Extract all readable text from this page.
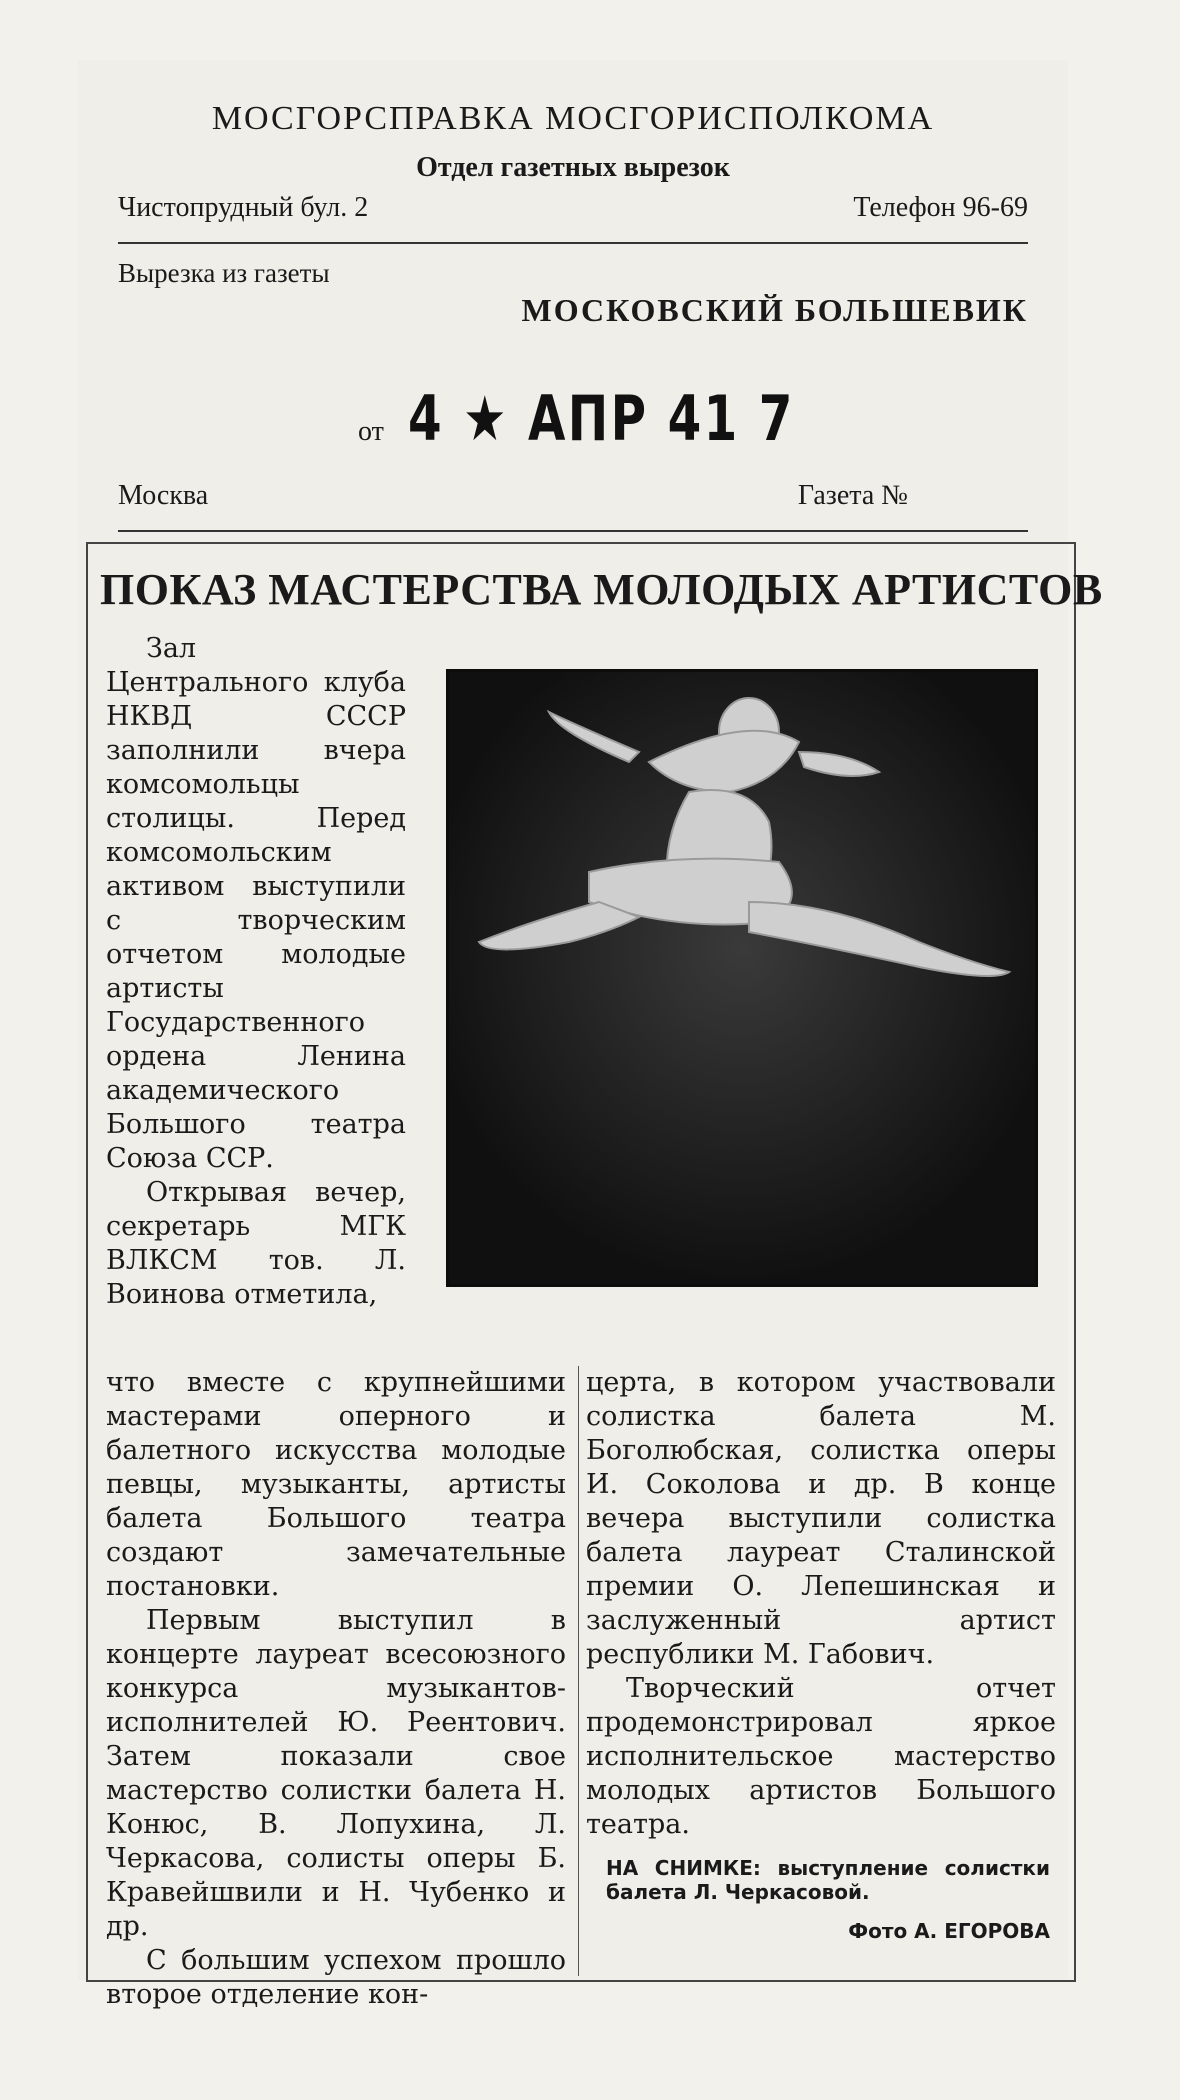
МОСГОРСПРАВКА МОСГОРИСПОЛКОМА
Отдел газетных вырезок
Чистопрудный бул. 2	Телефон 96-69
Вырезка из газеты
МОСКОВСКИЙ БОЛЬШЕВИК
от 4 ★ АПР 41 7
Москва	Газета №
ПОКАЗ МАСТЕРСТВА МОЛОДЫХ АРТИСТОВ

Зал Центрального клуба НКВД СССР заполнили вчера комсомольцы столицы. Перед комсомольским активом выступили с творческим отчетом молодые артисты Государственного ордена Ленина академического Большого театра Союза ССР.

Открывая вечер, секретарь МГК ВЛКСМ тов. Л. Воинова отметила,

что вместе с крупнейшими мастерами оперного и балетного искусства молодые певцы, музыканты, артисты балета Большого театра создают замечательные постановки.

Первым выступил в концерте лауреат всесоюзного конкурса музыкантов-исполнителей Ю. Реентович. Затем показали свое мастерство солистки балета Н. Конюс, В. Лопухина, Л. Черкасова, солисты оперы Б. Кравейшвили и Н. Чубенко и др.

С большим успехом прошло второе отделение кон-

церта, в котором участвовали солистка балета М. Боголюбская, солистка оперы И. Соколова и др. В конце вечера выступили солистка балета лауреат Сталинской премии О. Лепешинская и заслуженный артист республики М. Габович.

Творческий отчет продемонстрировал яркое исполнительское мастерство молодых артистов Большого театра.

НА СНИМКЕ: выступление солистки балета Л. Черкасовой.
Фото А. ЕГОРОВА
